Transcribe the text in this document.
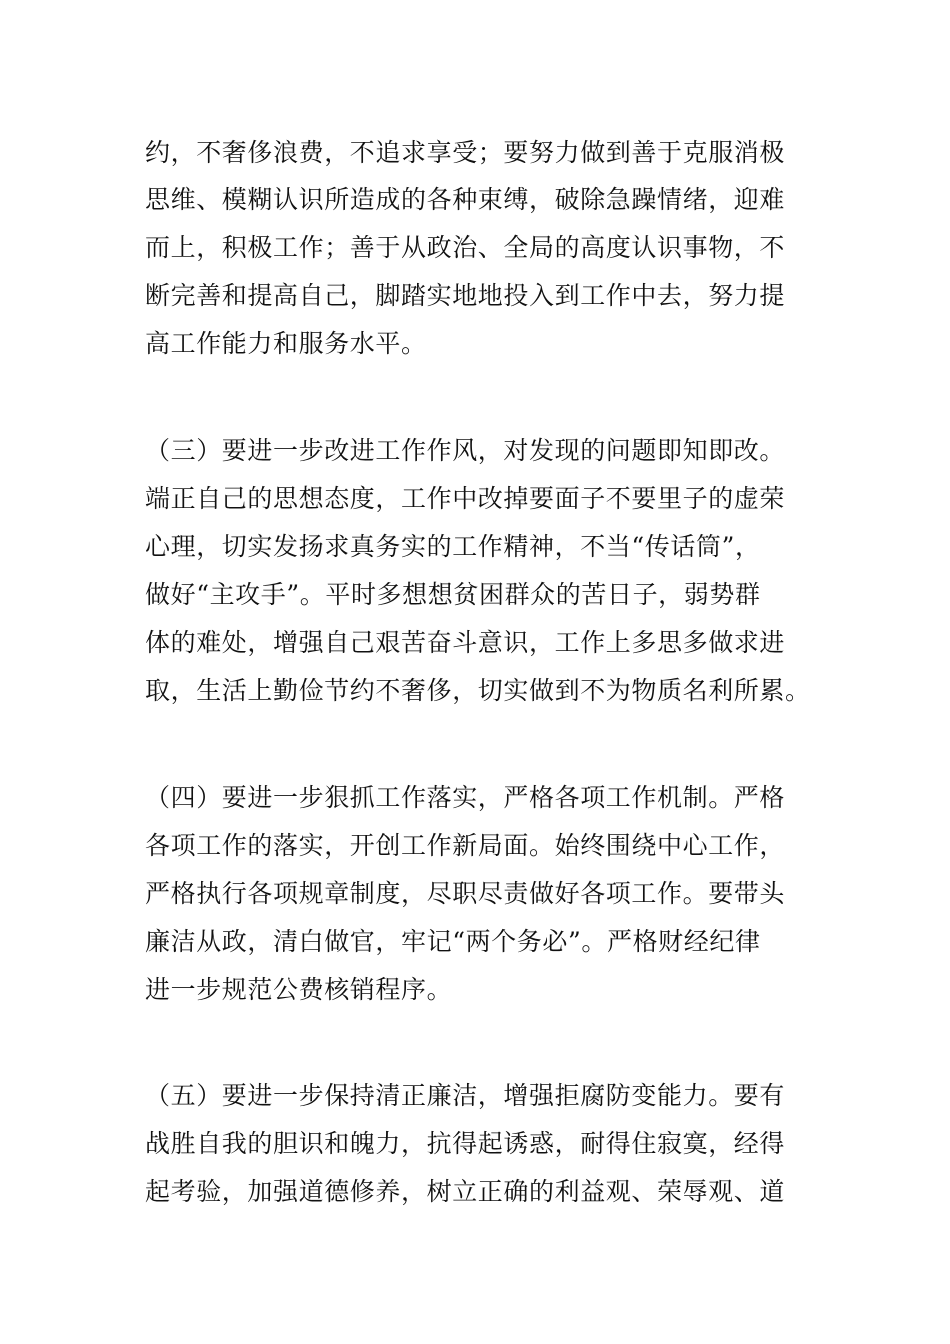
约，不奢侈浪费，不追求享受；要努力做到善于克服消极
思维、模糊认识所造成的各种束缚，破除急躁情绪，迎难
而上，积极工作；善于从政治、全局的高度认识事物，不
断完善和提高自己，脚踏实地地投入到工作中去，努力提
高工作能力和服务水平。
（三）要进一步改进工作作风，对发现的问题即知即改。
端正自己的思想态度，工作中改掉要面子不要里子的虚荣
心理，切实发扬求真务实的工作精神，不当“传话筒”，
做好“主攻手”。平时多想想贫困群众的苦日子，弱势群
体的难处，增强自己艰苦奋斗意识，工作上多思多做求进
取，生活上勤俭节约不奢侈，切实做到不为物质名利所累。
（四）要进一步狠抓工作落实，严格各项工作机制。严格
各项工作的落实，开创工作新局面。始终围绕中心工作，
严格执行各项规章制度，尽职尽责做好各项工作。要带头
廉洁从政，清白做官，牢记“两个务必”。严格财经纪律
进一步规范公费核销程序。
（五）要进一步保持清正廉洁，增强拒腐防变能力。要有
战胜自我的胆识和魄力，抗得起诱惑，耐得住寂寞，经得
起考验，加强道德修养，树立正确的利益观、荣辱观、道
